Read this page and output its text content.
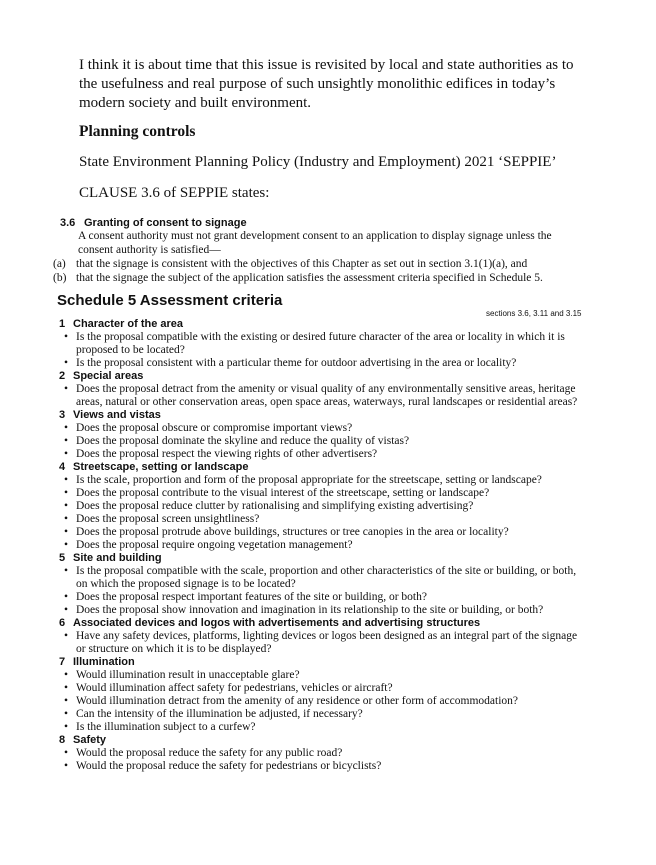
I think it is about time that this issue is revisited by local and state authorities as to the usefulness and real purpose of such unsightly monolithic edifices in today’s modern society and built environment.

Planning controls
State Environment Planning Policy (Industry and Employment) 2021 ‘SEPPIE’
CLAUSE 3.6 of SEPPIE states:
3.6 Granting of consent to signage
A consent authority must not grant development consent to an application to display signage unless the consent authority is satisfied—
(a) that the signage is consistent with the objectives of this Chapter as set out in section 3.1(1)(a), and
(b) that the signage the subject of the application satisfies the assessment criteria specified in Schedule 5.
Schedule 5 Assessment criteria
sections 3.6, 3.11 and 3.15
1 Character of the area
• Is the proposal compatible with the existing or desired future character of the area or locality in which it is proposed to be located?
• Is the proposal consistent with a particular theme for outdoor advertising in the area or locality?
2 Special areas
• Does the proposal detract from the amenity or visual quality of any environmentally sensitive areas, heritage areas, natural or other conservation areas, open space areas, waterways, rural landscapes or residential areas?
3 Views and vistas
• Does the proposal obscure or compromise important views?
• Does the proposal dominate the skyline and reduce the quality of vistas?
• Does the proposal respect the viewing rights of other advertisers?
4 Streetscape, setting or landscape
• Is the scale, proportion and form of the proposal appropriate for the streetscape, setting or landscape?
• Does the proposal contribute to the visual interest of the streetscape, setting or landscape?
• Does the proposal reduce clutter by rationalising and simplifying existing advertising?
• Does the proposal screen unsightliness?
• Does the proposal protrude above buildings, structures or tree canopies in the area or locality?
• Does the proposal require ongoing vegetation management?
5 Site and building
• Is the proposal compatible with the scale, proportion and other characteristics of the site or building, or both, on which the proposed signage is to be located?
• Does the proposal respect important features of the site or building, or both?
• Does the proposal show innovation and imagination in its relationship to the site or building, or both?
6 Associated devices and logos with advertisements and advertising structures
• Have any safety devices, platforms, lighting devices or logos been designed as an integral part of the signage or structure on which it is to be displayed?
7 Illumination
• Would illumination result in unacceptable glare?
• Would illumination affect safety for pedestrians, vehicles or aircraft?
• Would illumination detract from the amenity of any residence or other form of accommodation?
• Can the intensity of the illumination be adjusted, if necessary?
• Is the illumination subject to a curfew?
8 Safety
• Would the proposal reduce the safety for any public road?
• Would the proposal reduce the safety for pedestrians or bicyclists?
